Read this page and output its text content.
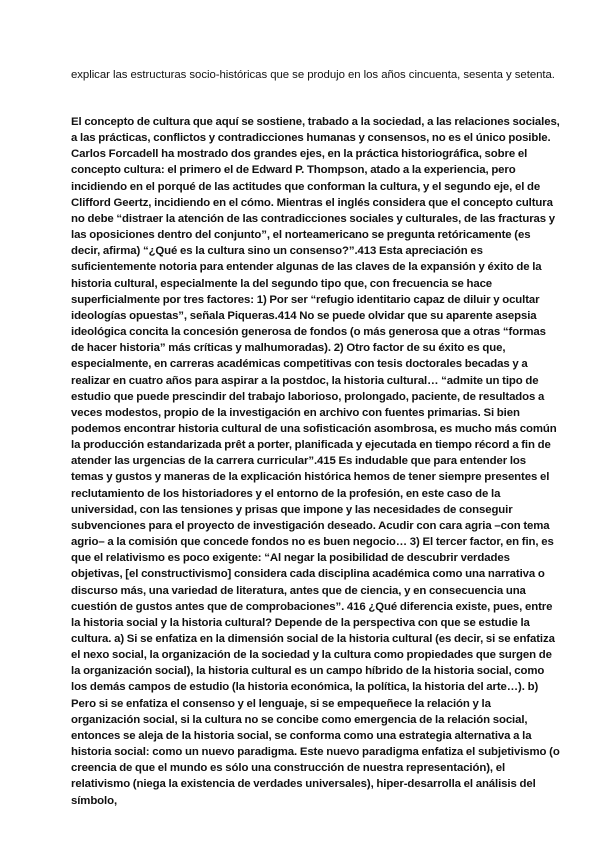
explicar las estructuras socio-históricas que se produjo en los años cincuenta, sesenta y setenta.

El concepto de cultura que aquí se sostiene, trabado a la sociedad, a las relaciones sociales, a las prácticas, conflictos y contradicciones humanas y consensos, no es el único posible. Carlos Forcadell ha mostrado dos grandes ejes, en la práctica historiográfica, sobre el concepto cultura: el primero el de Edward P. Thompson, atado a la experiencia, pero incidiendo en el porqué de las actitudes que conforman la cultura, y el segundo eje, el de Clifford Geertz, incidiendo en el cómo. Mientras el inglés considera que el concepto cultura no debe “distraer la atención de las contradicciones sociales y culturales, de las fracturas y las oposiciones dentro del conjunto”, el norteamericano se pregunta retóricamente (es decir, afirma) “¿Qué es la cultura sino un consenso?”.413 Esta apreciación es suficientemente notoria para entender algunas de las claves de la expansión y éxito de la historia cultural, especialmente la del segundo tipo que, con frecuencia se hace superficialmente por tres factores: 1) Por ser “refugio identitario capaz de diluir y ocultar ideologías opuestas”, señala Piqueras.414 No se puede olvidar que su aparente asepsia ideológica concita la concesión generosa de fondos (o más generosa que a otras “formas de hacer historia” más críticas y malhumoradas). 2) Otro factor de su éxito es que, especialmente, en carreras académicas competitivas con tesis doctorales becadas y a realizar en cuatro años para aspirar a la postdoc, la historia cultural… “admite un tipo de estudio que puede prescindir del trabajo laborioso, prolongado, paciente, de resultados a veces modestos, propio de la investigación en archivo con fuentes primarias. Si bien podemos encontrar historia cultural de una sofisticación asombrosa, es mucho más común la producción estandarizada prêt a porter, planificada y ejecutada en tiempo récord a fin de atender las urgencias de la carrera curricular”.415 Es indudable que para entender los temas y gustos y maneras de la explicación histórica hemos de tener siempre presentes el reclutamiento de los historiadores y el entorno de la profesión, en este caso de la universidad, con las tensiones y prisas que impone y las necesidades de conseguir subvenciones para el proyecto de investigación deseado. Acudir con cara agria –con tema agrio– a la comisión que concede fondos no es buen negocio… 3) El tercer factor, en fin, es que el relativismo es poco exigente: “Al negar la posibilidad de descubrir verdades objetivas, [el constructivismo] considera cada disciplina académica como una narrativa o discurso más, una variedad de literatura, antes que de ciencia, y en consecuencia una cuestión de gustos antes que de comprobaciones”. 416 ¿Qué diferencia existe, pues, entre la historia social y la historia cultural? Depende de la perspectiva con que se estudie la cultura. a) Si se enfatiza en la dimensión social de la historia cultural (es decir, si se enfatiza el nexo social, la organización de la sociedad y la cultura como propiedades que surgen de la organización social), la historia cultural es un campo híbrido de la historia social, como los demás campos de estudio (la historia económica, la política, la historia del arte…). b) Pero si se enfatiza el consenso y el lenguaje, si se empequeñece la relación y la organización social, si la cultura no se concibe como emergencia de la relación social, entonces se aleja de la historia social, se conforma como una estrategia alternativa a la historia social: como un nuevo paradigma. Este nuevo paradigma enfatiza el subjetivismo (o creencia de que el mundo es sólo una construcción de nuestra representación), el relativismo (niega la existencia de verdades universales), hiper-desarrolla el análisis del símbolo,
